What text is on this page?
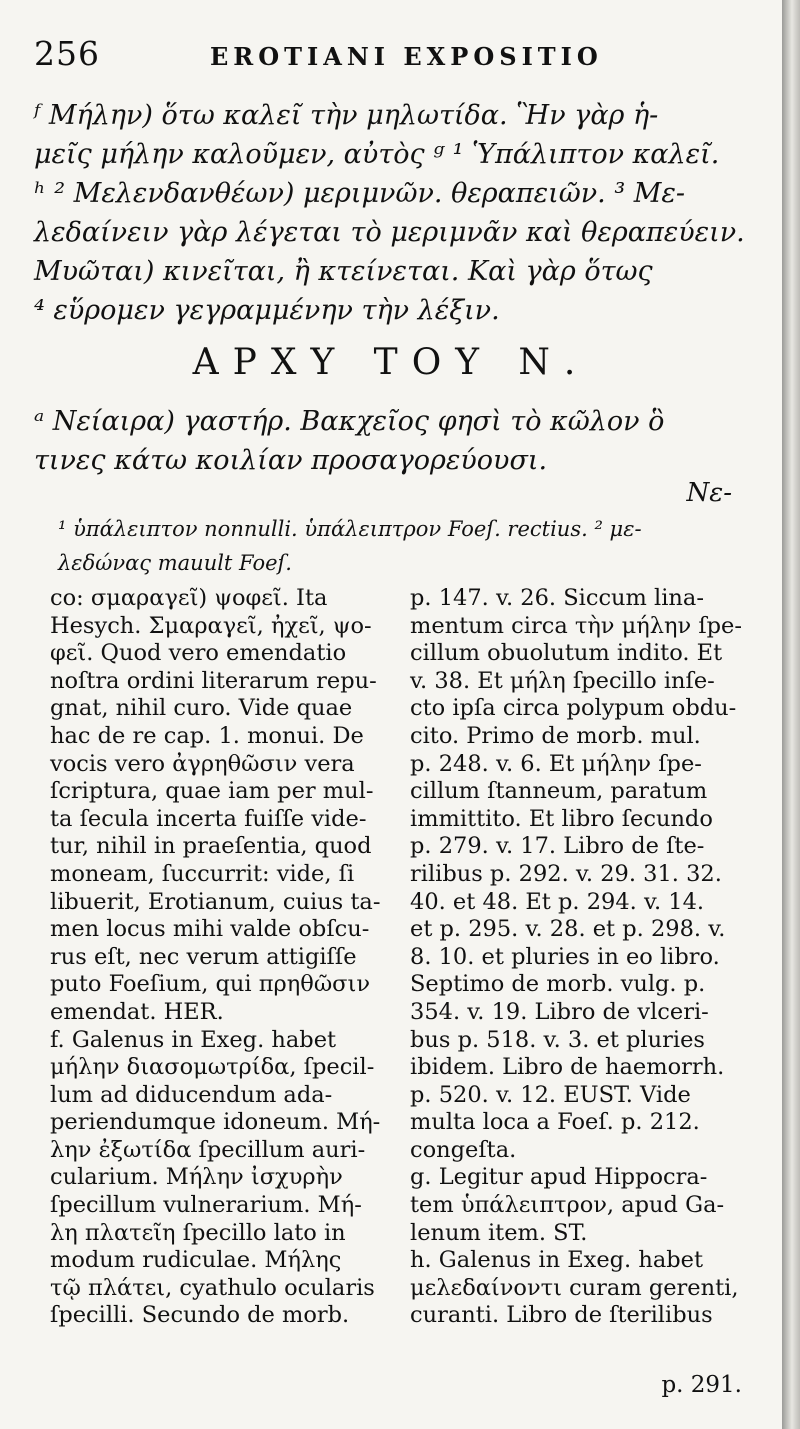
256	EROTIANI EXPOSITIO
ᶠ Μήλην) ὅτω καλεῖ τὴν μηλωτίδα. Ἣν γὰρ ἡ-
μεῖς μήλην καλοῦμεν, αὐτὸς ᵍ ¹ Ὑπάλιπτον καλεῖ.
ʰ ² Μελενδανθέων) μεριμνῶν. θεραπειῶν. ³ Με-
λεδαίνειν γὰρ λέγεται τὸ μεριμνᾶν καὶ θεραπεύειν.
Μυῶται) κινεῖται, ἢ κτείνεται. Καὶ γὰρ ὅτως
⁴ εὕρομεν γεγραμμένην τὴν λέξιν.
ΑΡΧΥ ΤΟΥ Ν.
ᵃ Νείαιρα) γαστήρ. Βακχεῖος φησὶ τὸ κῶλον ὃ
τινες κάτω κοιλίαν προσαγορεύουσι.
Νε-
¹ ὑπάλειπτον nonnulli. ὑπάλειπτρον Foeſ. rectius. ² με-
λεδώνας mauult Foeſ.
co: σμαραγεῖ) ψοφεῖ. Ita
Hesych. Σμαραγεῖ, ἠχεῖ, ψο-
φεῖ. Quod vero emendatio
noſtra ordini literarum repu-
gnat, nihil curo. Vide quae
hac de re cap. 1. monui. De
vocis vero ἀγρηθῶσιν vera
ſcriptura, quae iam per mul-
ta ſecula incerta fuiſſe vide-
tur, nihil in praeſentia, quod
moneam, ſuccurrit: vide, ſi
libuerit, Erotianum, cuius ta-
men locus mihi valde obſcu-
rus eſt, nec verum attigiſſe
puto Foeſium, qui πρηθῶσιν
emendat. HER.
f. Galenus in Exeg. habet
μήλην διασομωτρίδα, ſpecil-
lum ad diducendum ada-
periendumque idoneum. Μή-
λην ἐξωτίδα ſpecillum auri-
cularium. Μήλην ἰσχυρὴν
ſpecillum vulnerarium. Μή-
λη πλατεῖη ſpecillo lato in
modum rudiculae. Μήλης
τῷ πλάτει, cyathulo ocularis
ſpecilli. Secundo de morb.
p. 147. v. 26. Siccum lina-
mentum circa τὴν μήλην ſpe-
cillum obuolutum indito. Et
v. 38. Et μήλη ſpecillo inſe-
cto ipſa circa polypum obdu-
cito. Primo de morb. mul.
p. 248. v. 6. Et μήλην ſpe-
cillum ſtanneum, paratum
immittito. Et libro ſecundo
p. 279. v. 17. Libro de ſte-
rilibus p. 292. v. 29. 31. 32.
40. et 48. Et p. 294. v. 14.
et p. 295. v. 28. et p. 298. v.
8. 10. et pluries in eo libro.
Septimo de morb. vulg. p.
354. v. 19. Libro de vlceri-
bus p. 518. v. 3. et pluries
ibidem. Libro de haemorrh.
p. 520. v. 12. EUST. Vide
multa loca a Foeſ. p. 212.
congeſta.
g. Legitur apud Hippocra-
tem ὑπάλειπτρον, apud Ga-
lenum item. ST.
h. Galenus in Exeg. habet
μελεδαίνοντι curam gerenti,
curanti. Libro de ſterilibus
p. 291.
